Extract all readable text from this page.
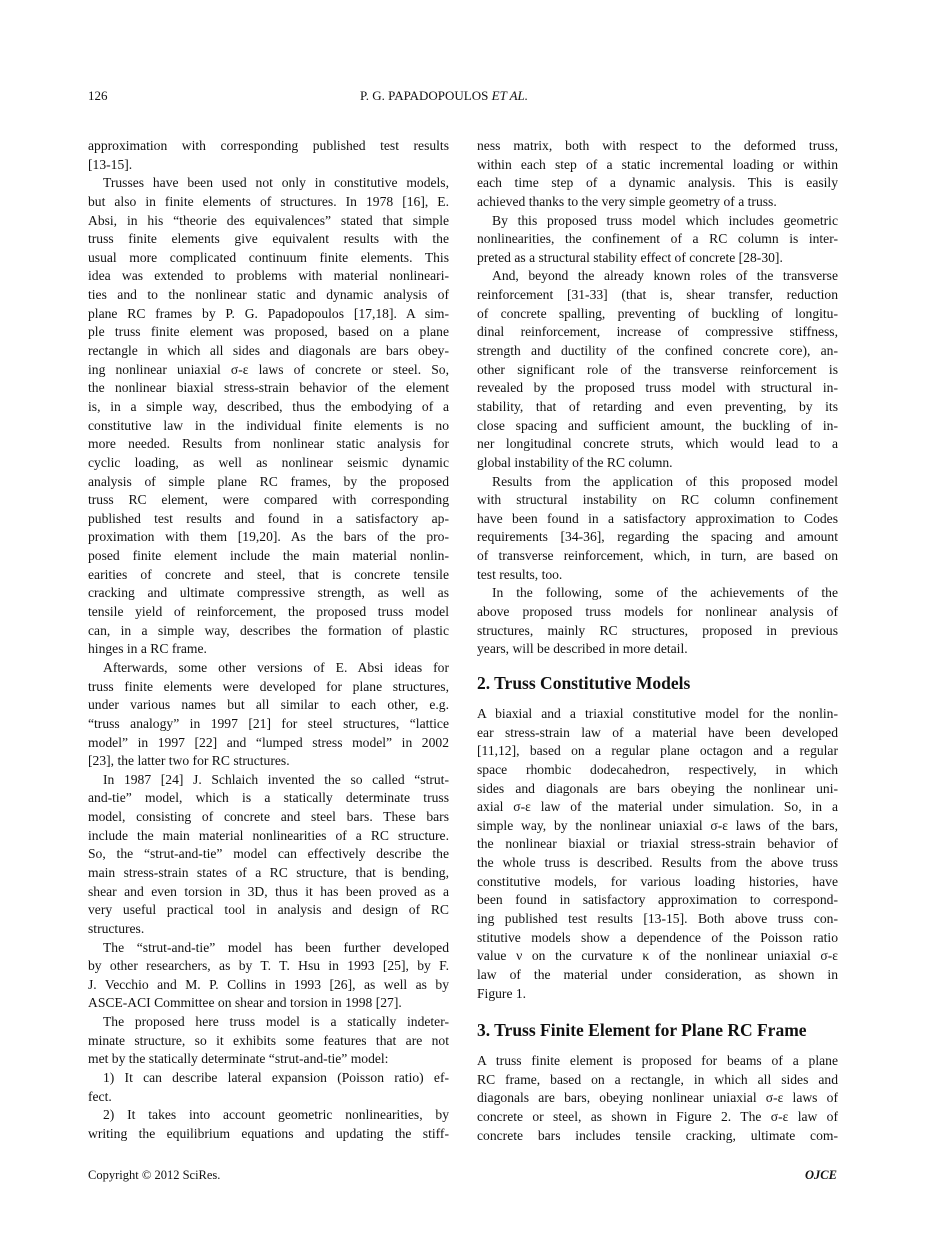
126	P. G. PAPADOPOULOS ET AL.
approximation with corresponding published test results
[13-15].
Trusses have been used not only in constitutive models,
but also in finite elements of structures. In 1978 [16], E.
Absi, in his “theorie des equivalences” stated that simple
truss finite elements give equivalent results with the
usual more complicated continuum finite elements. This
idea was extended to problems with material nonlineari-
ties and to the nonlinear static and dynamic analysis of
plane RC frames by P. G. Papadopoulos [17,18]. A sim-
ple truss finite element was proposed, based on a plane
rectangle in which all sides and diagonals are bars obey-
ing nonlinear uniaxial σ-ε laws of concrete or steel. So,
the nonlinear biaxial stress-strain behavior of the element
is, in a simple way, described, thus the embodying of a
constitutive law in the individual finite elements is no
more needed. Results from nonlinear static analysis for
cyclic loading, as well as nonlinear seismic dynamic
analysis of simple plane RC frames, by the proposed
truss RC element, were compared with corresponding
published test results and found in a satisfactory ap-
proximation with them [19,20]. As the bars of the pro-
posed finite element include the main material nonlin-
earities of concrete and steel, that is concrete tensile
cracking and ultimate compressive strength, as well as
tensile yield of reinforcement, the proposed truss model
can, in a simple way, describes the formation of plastic
hinges in a RC frame.
Afterwards, some other versions of E. Absi ideas for
truss finite elements were developed for plane structures,
under various names but all similar to each other, e.g.
“truss analogy” in 1997 [21] for steel structures, “lattice
model” in 1997 [22] and “lumped stress model” in 2002
[23], the latter two for RC structures.
In 1987 [24] J. Schlaich invented the so called “strut-
and-tie” model, which is a statically determinate truss
model, consisting of concrete and steel bars. These bars
include the main material nonlinearities of a RC structure.
So, the “strut-and-tie” model can effectively describe the
main stress-strain states of a RC structure, that is bending,
shear and even torsion in 3D, thus it has been proved as a
very useful practical tool in analysis and design of RC
structures.
The “strut-and-tie” model has been further developed
by other researchers, as by T. T. Hsu in 1993 [25], by F.
J. Vecchio and M. P. Collins in 1993 [26], as well as by
ASCE-ACI Committee on shear and torsion in 1998 [27].
The proposed here truss model is a statically indeter-
minate structure, so it exhibits some features that are not
met by the statically determinate “strut-and-tie” model:
1) It can describe lateral expansion (Poisson ratio) ef-
fect.
2) It takes into account geometric nonlinearities, by
writing the equilibrium equations and updating the stiff-
ness matrix, both with respect to the deformed truss,
within each step of a static incremental loading or within
each time step of a dynamic analysis. This is easily
achieved thanks to the very simple geometry of a truss.
By this proposed truss model which includes geometric
nonlinearities, the confinement of a RC column is inter-
preted as a structural stability effect of concrete [28-30].
And, beyond the already known roles of the transverse
reinforcement [31-33] (that is, shear transfer, reduction
of concrete spalling, preventing of buckling of longitu-
dinal reinforcement, increase of compressive stiffness,
strength and ductility of the confined concrete core), an-
other significant role of the transverse reinforcement is
revealed by the proposed truss model with structural in-
stability, that of retarding and even preventing, by its
close spacing and sufficient amount, the buckling of in-
ner longitudinal concrete struts, which would lead to a
global instability of the RC column.
Results from the application of this proposed model
with structural instability on RC column confinement
have been found in a satisfactory approximation to Codes
requirements [34-36], regarding the spacing and amount
of transverse reinforcement, which, in turn, are based on
test results, too.
In the following, some of the achievements of the
above proposed truss models for nonlinear analysis of
structures, mainly RC structures, proposed in previous
years, will be described in more detail.
2. Truss Constitutive Models
A biaxial and a triaxial constitutive model for the nonlin-
ear stress-strain law of a material have been developed
[11,12], based on a regular plane octagon and a regular
space rhombic dodecahedron, respectively, in which
sides and diagonals are bars obeying the nonlinear uni-
axial σ-ε law of the material under simulation. So, in a
simple way, by the nonlinear uniaxial σ-ε laws of the bars,
the nonlinear biaxial or triaxial stress-strain behavior of
the whole truss is described. Results from the above truss
constitutive models, for various loading histories, have
been found in satisfactory approximation to correspond-
ing published test results [13-15]. Both above truss con-
stitutive models show a dependence of the Poisson ratio
value ν on the curvature κ of the nonlinear uniaxial σ-ε
law of the material under consideration, as shown in
Figure 1.
3. Truss Finite Element for Plane RC Frame
A truss finite element is proposed for beams of a plane
RC frame, based on a rectangle, in which all sides and
diagonals are bars, obeying nonlinear uniaxial σ-ε laws of
concrete or steel, as shown in Figure 2. The σ-ε law of
concrete bars includes tensile cracking, ultimate com-
Copyright © 2012 SciRes.	OJCE
